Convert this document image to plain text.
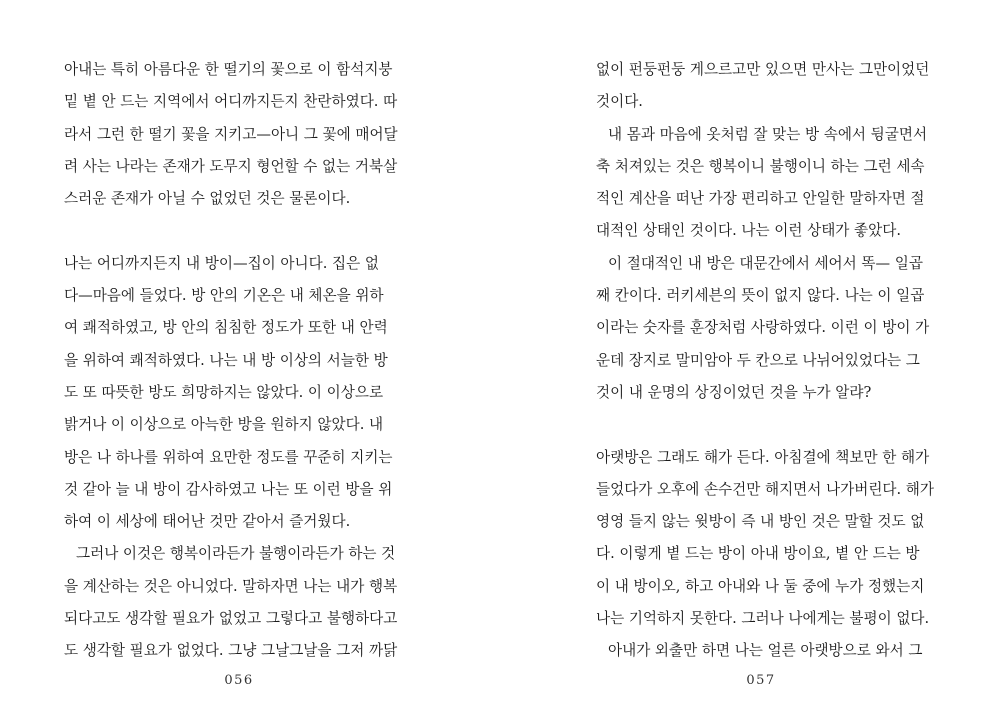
아내는 특히 아름다운 한 떨기의 꽃으로 이 함석지붕
밑 볕 안 드는 지역에서 어디까지든지 찬란하였다. 따
라서 그런 한 떨기 꽃을 지키고—아니 그 꽃에 매어달
려 사는 나라는 존재가 도무지 형언할 수 없는 거북살
스러운 존재가 아닐 수 없었던 것은 물론이다.
나는 어디까지든지 내 방이—집이 아니다. 집은 없
다—마음에 들었다. 방 안의 기온은 내 체온을 위하
여 쾌적하였고, 방 안의 침침한 정도가 또한 내 안력
을 위하여 쾌적하였다. 나는 내 방 이상의 서늘한 방
도 또 따뜻한 방도 희망하지는 않았다. 이 이상으로
밝거나 이 이상으로 아늑한 방을 원하지 않았다. 내
방은 나 하나를 위하여 요만한 정도를 꾸준히 지키는
것 같아 늘 내 방이 감사하였고 나는 또 이런 방을 위
하여 이 세상에 태어난 것만 같아서 즐거웠다.
그러나 이것은 행복이라든가 불행이라든가 하는 것
을 계산하는 것은 아니었다. 말하자면 나는 내가 행복
되다고도 생각할 필요가 없었고 그렇다고 불행하다고
도 생각할 필요가 없었다. 그냥 그날그날을 그저 까닭
056
없이 펀둥펀둥 게으르고만 있으면 만사는 그만이었던
것이다.
내 몸과 마음에 옷처럼 잘 맞는 방 속에서 뒹굴면서
축 처져있는 것은 행복이니 불행이니 하는 그런 세속
적인 계산을 떠난 가장 편리하고 안일한 말하자면 절
대적인 상태인 것이다. 나는 이런 상태가 좋았다.
이 절대적인 내 방은 대문간에서 세어서 똑— 일곱
째 칸이다. 러키세븐의 뜻이 없지 않다. 나는 이 일곱
이라는 숫자를 훈장처럼 사랑하였다. 이런 이 방이 가
운데 장지로 말미암아 두 칸으로 나뉘어있었다는 그
것이 내 운명의 상징이었던 것을 누가 알랴?
아랫방은 그래도 해가 든다. 아침결에 책보만 한 해가
들었다가 오후에 손수건만 해지면서 나가버린다. 해가
영영 들지 않는 윗방이 즉 내 방인 것은 말할 것도 없
다. 이렇게 볕 드는 방이 아내 방이요, 볕 안 드는 방
이 내 방이오, 하고 아내와 나 둘 중에 누가 정했는지
나는 기억하지 못한다. 그러나 나에게는 불평이 없다.
아내가 외출만 하면 나는 얼른 아랫방으로 와서 그
057
